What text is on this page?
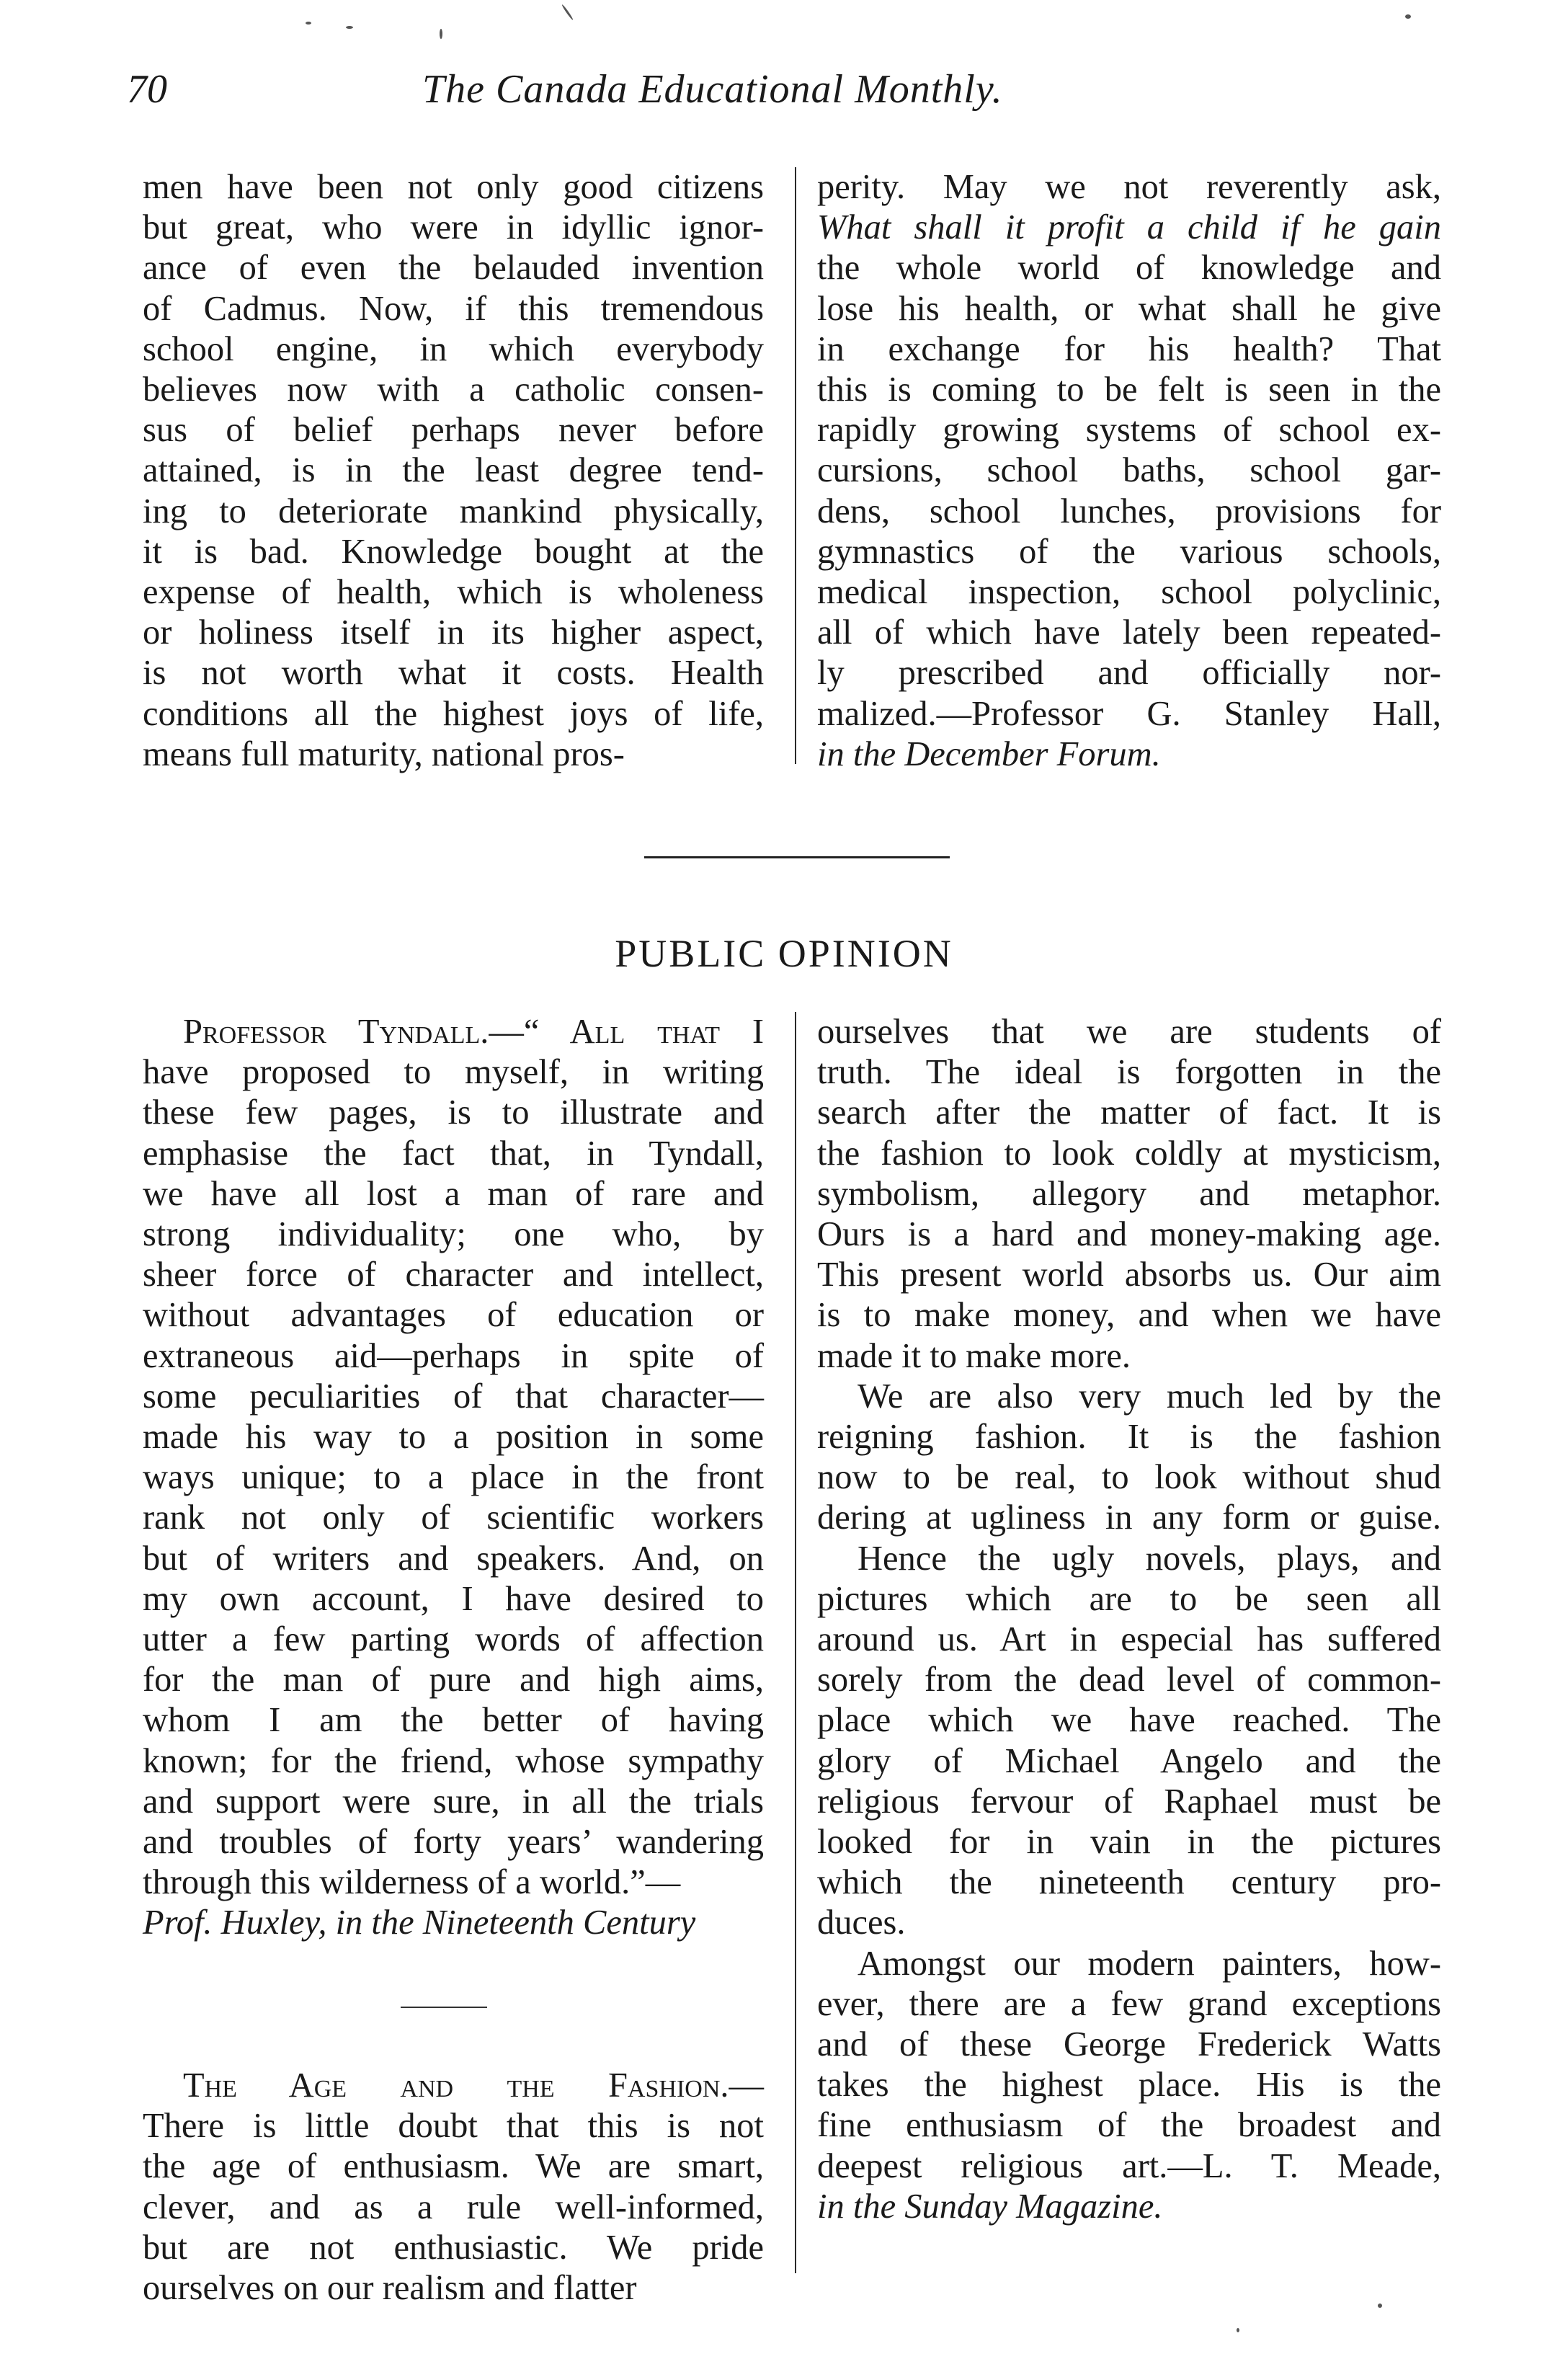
70	The Canada Educational Monthly.
men have been not only good citizens
but great, who were in idyllic ignor-
ance of even the belauded invention
of Cadmus. Now, if this tremendous
school engine, in which everybody
believes now with a catholic consen-
sus of belief perhaps never before
attained, is in the least degree tend-
ing to deteriorate mankind physically,
it is bad. Knowledge bought at the
expense of health, which is wholeness
or holiness itself in its higher aspect,
is not worth what it costs. Health
conditions all the highest joys of life,
means full maturity, national pros-
perity. May we not reverently ask,
What shall it profit a child if he gain
the whole world of knowledge and
lose his health, or what shall he give
in exchange for his health? That
this is coming to be felt is seen in the
rapidly growing systems of school ex-
cursions, school baths, school gar-
dens, school lunches, provisions for
gymnastics of the various schools,
medical inspection, school polyclinic,
all of which have lately been repeated-
ly prescribed and officially nor-
malized.—Professor G. Stanley Hall,
in the December Forum.
PUBLIC OPINION
Professor Tyndall.—“ All that I
have proposed to myself, in writing
these few pages, is to illustrate and
emphasise the fact that, in Tyndall,
we have all lost a man of rare and
strong individuality; one who, by
sheer force of character and intellect,
without advantages of education or
extraneous aid—perhaps in spite of
some peculiarities of that character—
made his way to a position in some
ways unique; to a place in the front
rank not only of scientific workers
but of writers and speakers. And, on
my own account, I have desired to
utter a few parting words of affection
for the man of pure and high aims,
whom I am the better of having
known; for the friend, whose sympathy
and support were sure, in all the trials
and troubles of forty years’ wandering
through this wilderness of a world.”—
Prof. Huxley, in the Nineteenth Century
The Age and the Fashion.—
There is little doubt that this is not
the age of enthusiasm. We are smart,
clever, and as a rule well-informed,
but are not enthusiastic. We pride
ourselves on our realism and flatter
ourselves that we are students of
truth. The ideal is forgotten in the
search after the matter of fact. It is
the fashion to look coldly at mysticism,
symbolism, allegory and metaphor.
Ours is a hard and money-making age.
This present world absorbs us. Our aim
is to make money, and when we have
made it to make more.
We are also very much led by the
reigning fashion. It is the fashion
now to be real, to look without shud
dering at ugliness in any form or guise.
Hence the ugly novels, plays, and
pictures which are to be seen all
around us. Art in especial has suffered
sorely from the dead level of common-
place which we have reached. The
glory of Michael Angelo and the
religious fervour of Raphael must be
looked for in vain in the pictures
which the nineteenth century pro-
duces.
Amongst our modern painters, how-
ever, there are a few grand exceptions
and of these George Frederick Watts
takes the highest place. His is the
fine enthusiasm of the broadest and
deepest religious art.—L. T. Meade,
in the Sunday Magazine.
